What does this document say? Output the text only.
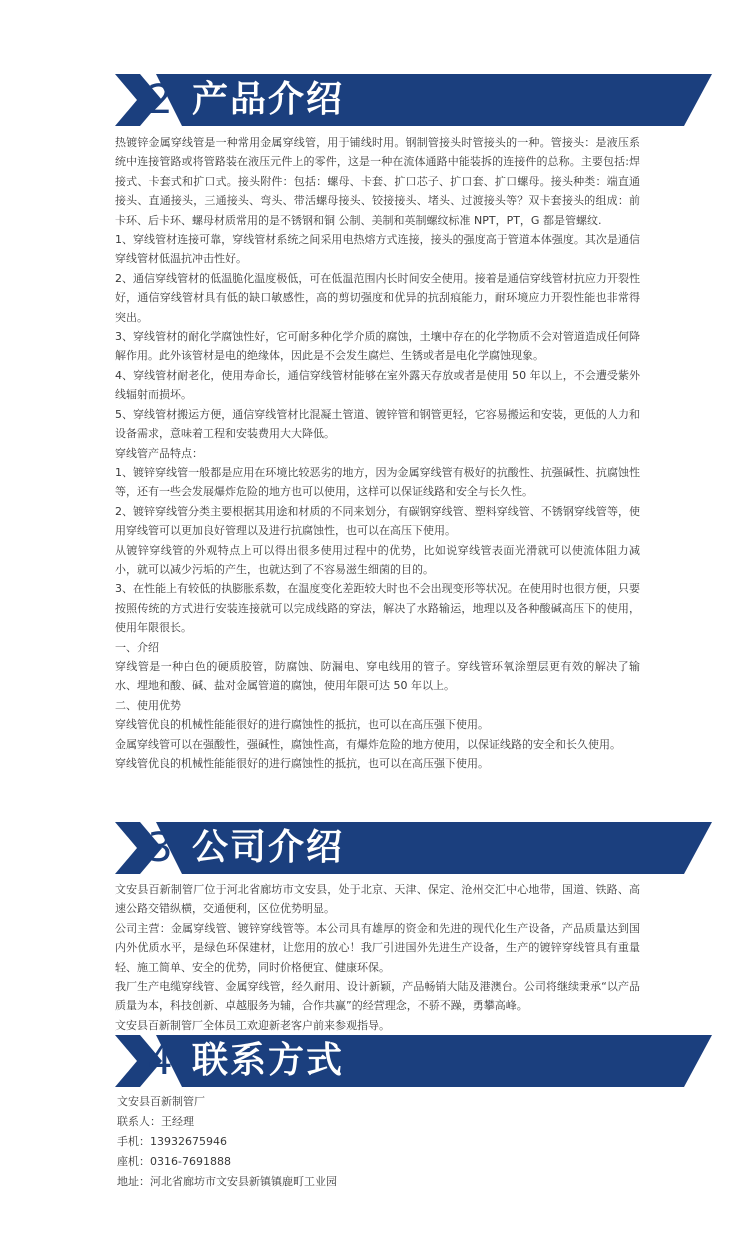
2 产品介绍

热镀锌金属穿线管是一种常用金属穿线管，用于铺线时用。钢制管接头时管接头的一种。管接头：是液压系统中连接管路或将管路装在液压元件上的零件，这是一种在流体通路中能装拆的连接件的总称。主要包括:焊接式、卡套式和扩口式。接头附件：包括：螺母、卡套、扩口芯子、扩口套、扩口螺母。接头种类：端直通接头、直通接头，三通接头、弯头、带活螺母接头、铰接接头、堵头、过渡接头等？双卡套接头的组成：前卡环、后卡环、螺母材质常用的是不锈钢和铜 公制、美制和英制螺纹标准 NPT，PT，G 都是管螺纹.

1、穿线管材连接可靠，穿线管材系统之间采用电热熔方式连接，接头的强度高于管道本体强度。其次是通信穿线管材低温抗冲击性好。

2、通信穿线管材的低温脆化温度极低，可在低温范围内长时间安全使用。接着是通信穿线管材抗应力开裂性好，通信穿线管材具有低的缺口敏感性，高的剪切强度和优异的抗刮痕能力，耐环境应力开裂性能也非常得突出。

3、穿线管材的耐化学腐蚀性好，它可耐多种化学介质的腐蚀，土壤中存在的化学物质不会对管道造成任何降解作用。此外该管材是电的绝缘体，因此是不会发生腐烂、生锈或者是电化学腐蚀现象。

4、穿线管材耐老化，使用寿命长，通信穿线管材能够在室外露天存放或者是使用 50 年以上，不会遭受紫外线辐射而损坏。

5、穿线管材搬运方便，通信穿线管材比混凝土管道、镀锌管和钢管更轻，它容易搬运和安装，更低的人力和设备需求，意味着工程和安装费用大大降低。

穿线管产品特点：

1、镀锌穿线管一般都是应用在环境比较恶劣的地方，因为金属穿线管有极好的抗酸性、抗强碱性、抗腐蚀性等，还有一些会发展爆炸危险的地方也可以使用，这样可以保证线路和安全与长久性。

2、镀锌穿线管分类主要根据其用途和材质的不同来划分，有碳钢穿线管、塑料穿线管、不锈钢穿线管等，使用穿线管可以更加良好管理以及进行抗腐蚀性，也可以在高压下使用。

从镀锌穿线管的外观特点上可以得出很多使用过程中的优势，比如说穿线管表面光滑就可以使流体阻力减小，就可以减少污垢的产生，也就达到了不容易滋生细菌的目的。

3、在性能上有较低的执膨胀系数，在温度变化差距较大时也不会出现变形等状况。在使用时也很方便，只要按照传统的方式进行安装连接就可以完成线路的穿法，解决了水路输运，地理以及各种酸碱高压下的使用，使用年限很长。

一、介绍

穿线管是一种白色的硬质胶管，防腐蚀、防漏电、穿电线用的管子。穿线管环氧涂塑层更有效的解决了输水、埋地和酸、碱、盐对金属管道的腐蚀，使用年限可达 50 年以上。

二、使用优势

穿线管优良的机械性能能很好的进行腐蚀性的抵抗，也可以在高压强下使用。

金属穿线管可以在强酸性，强碱性，腐蚀性高，有爆炸危险的地方使用，以保证线路的安全和长久使用。

穿线管优良的机械性能能很好的进行腐蚀性的抵抗，也可以在高压强下使用。

3 公司介绍

文安县百新制管厂位于河北省廊坊市文安县，处于北京、天津、保定、沧州交汇中心地带，国道、铁路、高速公路交错纵横，交通便利，区位优势明显。

公司主营：金属穿线管、镀锌穿线管等。本公司具有雄厚的资金和先进的现代化生产设备，产品质量达到国内外优质水平，是绿色环保建材，让您用的放心！我厂引进国外先进生产设备，生产的镀锌穿线管具有重量轻、施工简单、安全的优势，同时价格便宜、健康环保。

我厂生产电缆穿线管、金属穿线管，经久耐用、设计新颖，产品畅销大陆及港澳台。公司将继续秉承“以产品质量为本，科技创新、卓越服务为辅，合作共赢”的经营理念，不骄不躁，勇攀高峰。

文安县百新制管厂全体员工欢迎新老客户前来参观指导。

4 联系方式

文安县百新制管厂

联系人：王经理

手机：13932675946

座机：0316-7691888

地址：河北省廊坊市文安县新镇镇鹿町工业园
